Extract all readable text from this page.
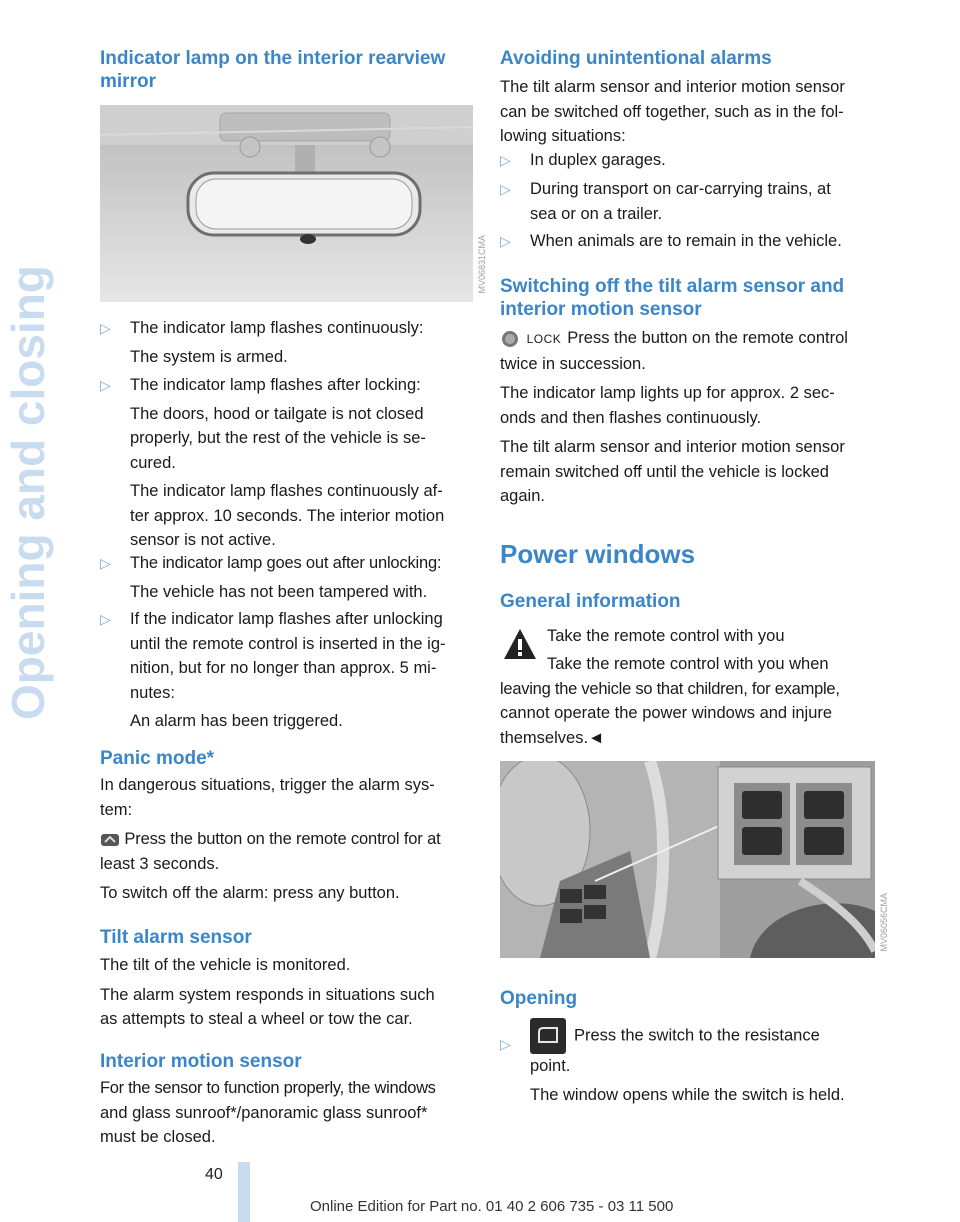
Opening and closing
Indicator lamp on the interior rearview mirror
MV06831CMA
▷ The indicator lamp flashes continuously:
The system is armed.
▷ The indicator lamp flashes after locking:
The doors, hood or tailgate is not closed
properly, but the rest of the vehicle is se-
cured.
The indicator lamp flashes continuously af-
ter approx. 10 seconds. The interior motion
sensor is not active.
▷ The indicator lamp goes out after unlocking:
The vehicle has not been tampered with.
▷ If the indicator lamp flashes after unlocking
until the remote control is inserted in the ig-
nition, but for no longer than approx. 5 mi-
nutes:
An alarm has been triggered.
Panic mode*
In dangerous situations, trigger the alarm sys-
tem:
Press the button on the remote control for at
least 3 seconds.
To switch off the alarm: press any button.
Tilt alarm sensor
The tilt of the vehicle is monitored.
The alarm system responds in situations such
as attempts to steal a wheel or tow the car.
Interior motion sensor
For the sensor to function properly, the windows
and glass sunroof*/panoramic glass sunroof*
must be closed.
Avoiding unintentional alarms
The tilt alarm sensor and interior motion sensor
can be switched off together, such as in the fol-
lowing situations:
▷ In duplex garages.
▷ During transport on car-carrying trains, at
sea or on a trailer.
▷ When animals are to remain in the vehicle.
Switching off the tilt alarm sensor and
interior motion sensor
LOCK Press the button on the remote control
twice in succession.
The indicator lamp lights up for approx. 2 sec-
onds and then flashes continuously.
The tilt alarm sensor and interior motion sensor
remain switched off until the vehicle is locked
again.
Power windows
General information
Take the remote control with you
Take the remote control with you when
leaving the vehicle so that children, for example,
cannot operate the power windows and injure
themselves.◄
MV06056CMA
Opening
▷	Press the switch to the resistance
point.
The window opens while the switch is held.
40
Online Edition for Part no. 01 40 2 606 735 - 03 11 500
